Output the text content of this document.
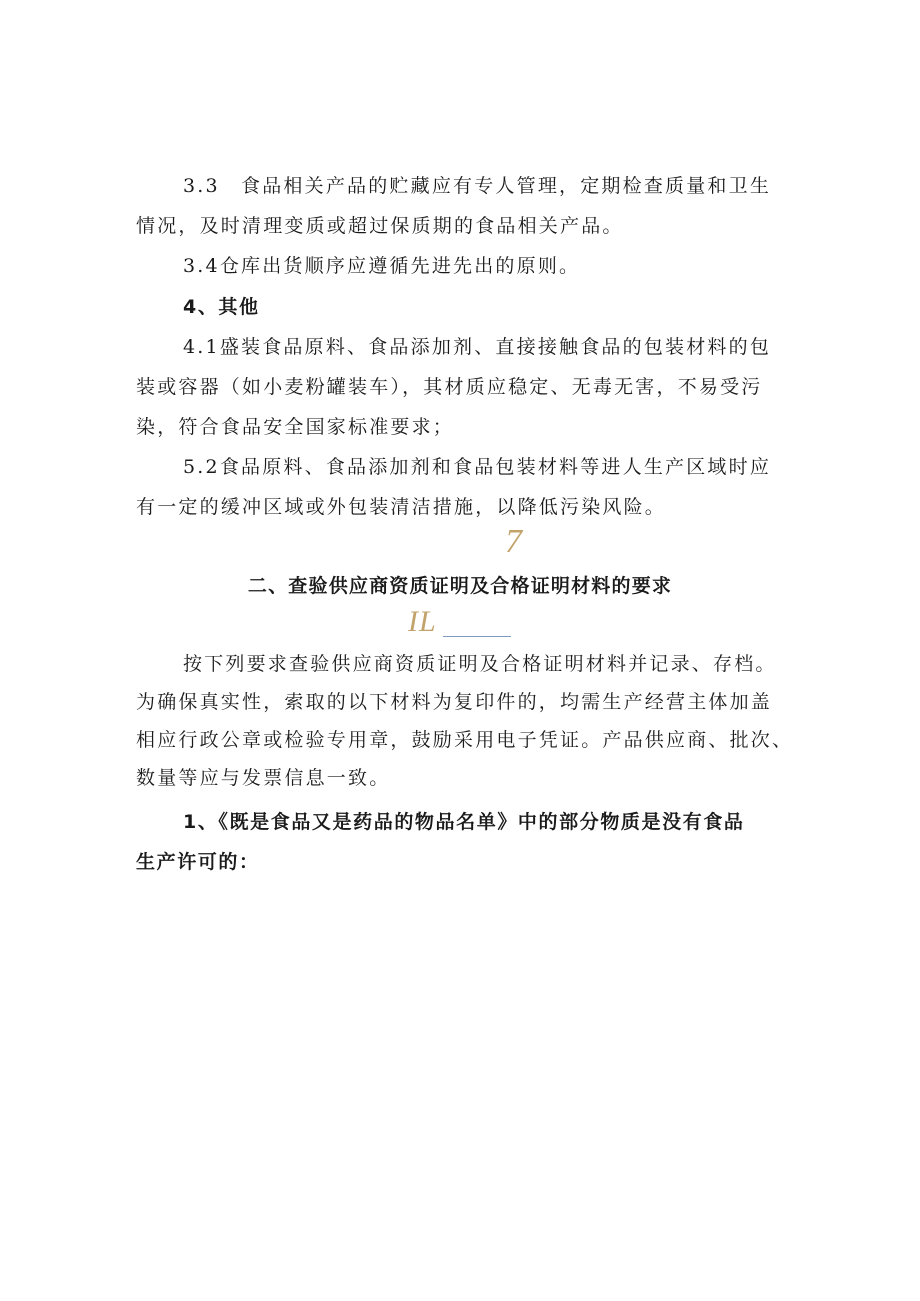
3.3　食品相关产品的贮藏应有专人管理，定期检查质量和卫生
情况，及时清理变质或超过保质期的食品相关产品。
3.4仓库出货顺序应遵循先进先出的原则。
4、其他
4.1盛装食品原料、食品添加剂、直接接触食品的包装材料的包
装或容器（如小麦粉罐装车），其材质应稳定、无毒无害，不易受污
染，符合食品安全国家标准要求；
5.2食品原料、食品添加剂和食品包装材料等进人生产区域时应
有一定的缓冲区域或外包装清洁措施，以降低污染风险。
7
二、查验供应商资质证明及合格证明材料的要求
IL
按下列要求查验供应商资质证明及合格证明材料并记录、存档。
为确保真实性，索取的以下材料为复印件的，均需生产经营主体加盖
相应行政公章或检验专用章，鼓励采用电子凭证。产品供应商、批次、
数量等应与发票信息一致。
1、《既是食品又是药品的物品名单》中的部分物质是没有食品
生产许可的：
